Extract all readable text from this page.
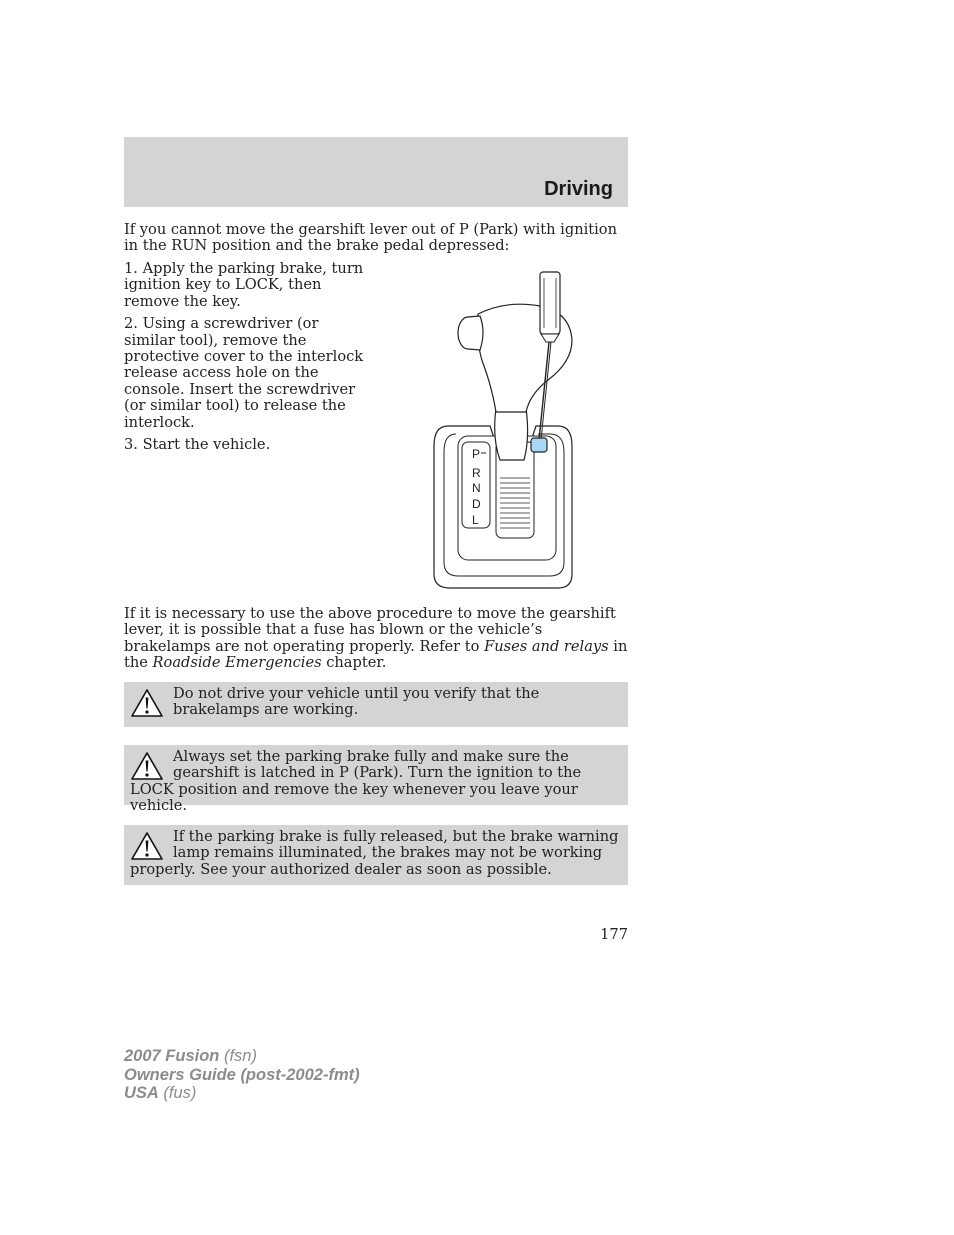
Driving

If you cannot move the gearshift lever out of P (Park) with ignition in the RUN position and the brake pedal depressed:

1. Apply the parking brake, turn ignition key to LOCK, then remove the key.
2. Using a screwdriver (or similar tool), remove the protective cover to the interlock release access hole on the console. Insert the screwdriver (or similar tool) to release the interlock.
3. Start the vehicle.
P
R
N
D
L

If it is necessary to use the above procedure to move the gearshift lever, it is possible that a fuse has blown or the vehicle’s brakelamps are not operating properly. Refer to Fuses and relays in the Roadside Emergencies chapter.

Do not drive your vehicle until you verify that the brakelamps are working.

Always set the parking brake fully and make sure the gearshift is latched in P (Park). Turn the ignition to the LOCK position and remove the key whenever you leave your vehicle.

If the parking brake is fully released, but the brake warning lamp remains illuminated, the brakes may not be working properly. See your authorized dealer as soon as possible.

177

2007 Fusion (fsn)
Owners Guide (post-2002-fmt)
USA (fus)
